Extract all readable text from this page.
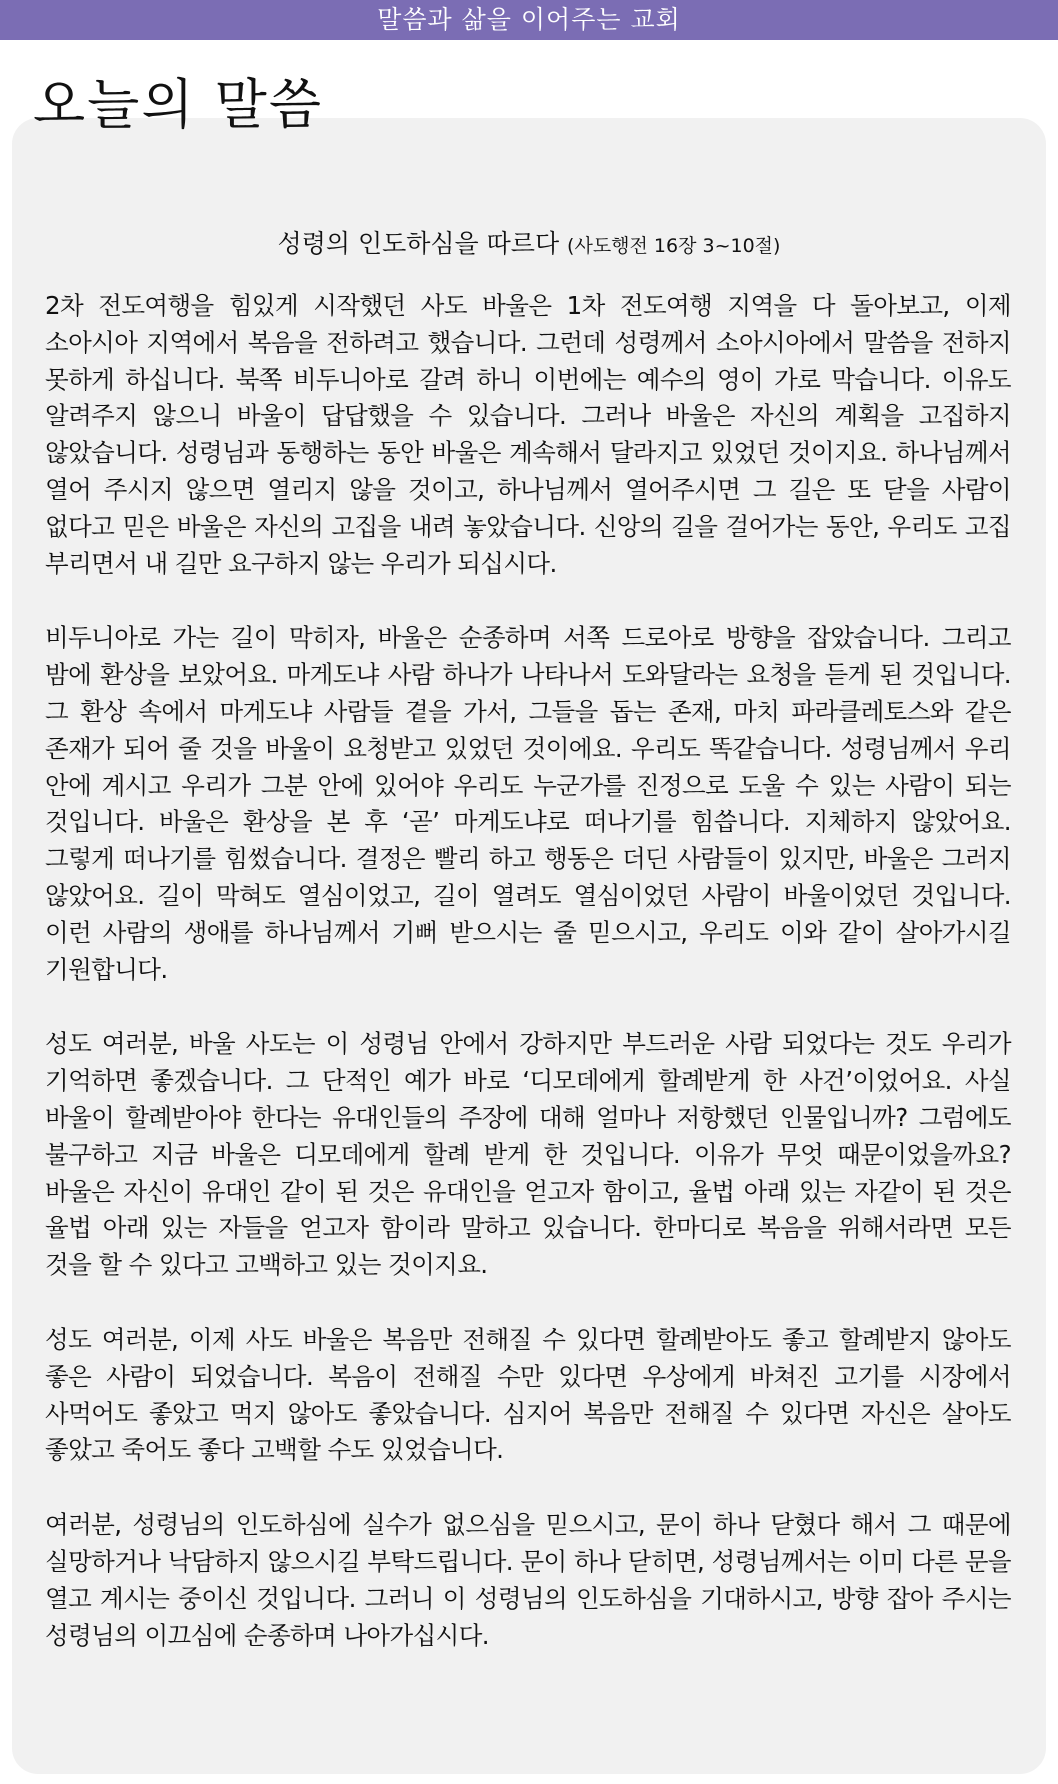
말씀과 삶을 이어주는 교회
오늘의 말씀
성령의 인도하심을 따르다 (사도행전 16장 3~10절)

2차 전도여행을 힘있게 시작했던 사도 바울은 1차 전도여행 지역을 다 돌아보고, 이제 소아시아 지역에서 복음을 전하려고 했습니다. 그런데 성령께서 소아시아에서 말씀을 전하지 못하게 하십니다. 북쪽 비두니아로 갈려 하니 이번에는 예수의 영이 가로 막습니다. 이유도 알려주지 않으니 바울이 답답했을 수 있습니다. 그러나 바울은 자신의 계획을 고집하지 않았습니다. 성령님과 동행하는 동안 바울은 계속해서 달라지고 있었던 것이지요. 하나님께서 열어 주시지 않으면 열리지 않을 것이고, 하나님께서 열어주시면 그 길은 또 닫을 사람이 없다고 믿은 바울은 자신의 고집을 내려 놓았습니다. 신앙의 길을 걸어가는 동안, 우리도 고집 부리면서 내 길만 요구하지 않는 우리가 되십시다.

비두니아로 가는 길이 막히자, 바울은 순종하며 서쪽 드로아로 방향을 잡았습니다. 그리고 밤에 환상을 보았어요. 마게도냐 사람 하나가 나타나서 도와달라는 요청을 듣게 된 것입니다. 그 환상 속에서 마게도냐 사람들 곁을 가서, 그들을 돕는 존재, 마치 파라클레토스와 같은 존재가 되어 줄 것을 바울이 요청받고 있었던 것이에요. 우리도 똑같습니다. 성령님께서 우리 안에 계시고 우리가 그분 안에 있어야 우리도 누군가를 진정으로 도울 수 있는 사람이 되는 것입니다. 바울은 환상을 본 후 ‘곧’ 마게도냐로 떠나기를 힘씁니다. 지체하지 않았어요. 그렇게 떠나기를 힘썼습니다. 결정은 빨리 하고 행동은 더딘 사람들이 있지만, 바울은 그러지 않았어요. 길이 막혀도 열심이었고, 길이 열려도 열심이었던 사람이 바울이었던 것입니다. 이런 사람의 생애를 하나님께서 기뻐 받으시는 줄 믿으시고, 우리도 이와 같이 살아가시길 기원합니다.

성도 여러분, 바울 사도는 이 성령님 안에서 강하지만 부드러운 사람 되었다는 것도 우리가 기억하면 좋겠습니다. 그 단적인 예가 바로 ‘디모데에게 할례받게 한 사건’이었어요. 사실 바울이 할례받아야 한다는 유대인들의 주장에 대해 얼마나 저항했던 인물입니까? 그럼에도 불구하고 지금 바울은 디모데에게 할례 받게 한 것입니다. 이유가 무엇 때문이었을까요? 바울은 자신이 유대인 같이 된 것은 유대인을 얻고자 함이고, 율법 아래 있는 자같이 된 것은 율법 아래 있는 자들을 얻고자 함이라 말하고 있습니다. 한마디로 복음을 위해서라면 모든 것을 할 수 있다고 고백하고 있는 것이지요.

성도 여러분, 이제 사도 바울은 복음만 전해질 수 있다면 할례받아도 좋고 할례받지 않아도 좋은 사람이 되었습니다. 복음이 전해질 수만 있다면 우상에게 바쳐진 고기를 시장에서 사먹어도 좋았고 먹지 않아도 좋았습니다. 심지어 복음만 전해질 수 있다면 자신은 살아도 좋았고 죽어도 좋다 고백할 수도 있었습니다.

여러분, 성령님의 인도하심에 실수가 없으심을 믿으시고, 문이 하나 닫혔다 해서 그 때문에 실망하거나 낙담하지 않으시길 부탁드립니다. 문이 하나 닫히면, 성령님께서는 이미 다른 문을 열고 계시는 중이신 것입니다. 그러니 이 성령님의 인도하심을 기대하시고, 방향 잡아 주시는 성령님의 이끄심에 순종하며 나아가십시다.
